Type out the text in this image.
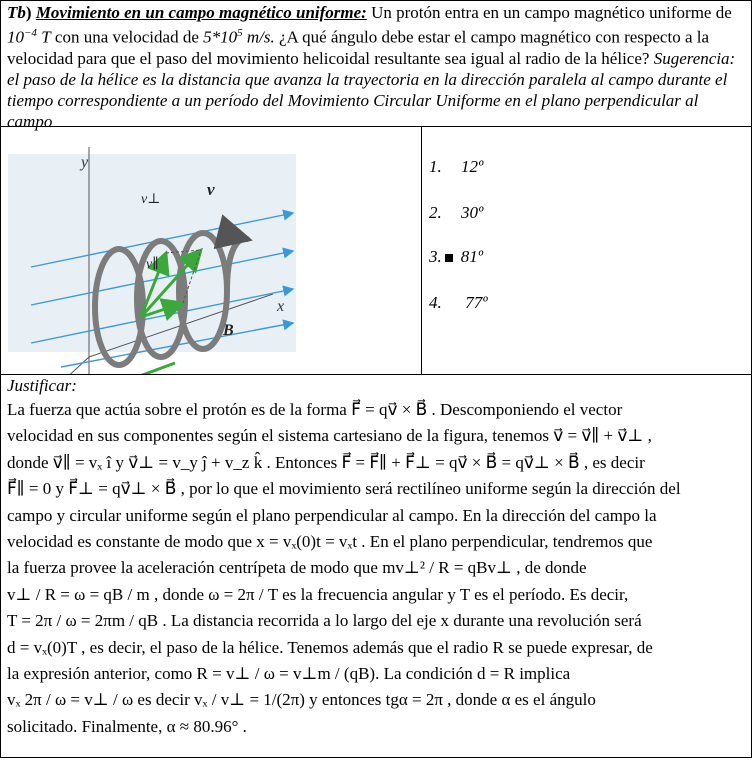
Tb) Movimiento en un campo magnético uniforme: Un protón entra en un campo magnético uniforme de $10^{-4}$ T con una velocidad de $5*10^5$ m/s. ¿A qué ángulo debe estar el campo magnético con respecto a la velocidad para que el paso del movimiento helicoidal resultante sea igual al radio de la hélice? Sugerencia: el paso de la hélice es la distancia que avanza la trayectoria en la dirección paralela al campo durante el tiempo correspondiente a un período del Movimiento Circular Uniforme en el plano perpendicular al campo
y
x
B
v
v⊥
v∥
1. 12º
2. 30º
3. 81º
4. 77º
Justificar:

La fuerza que actúa sobre el protón es de la forma F⃗ = qv⃗ × B⃗ . Descomponiendo el vector

velocidad en sus componentes según el sistema cartesiano de la figura, tenemos v⃗ = v⃗∥ + v⃗⊥ ,

donde v⃗∥ = vₓ î y v⃗⊥ = v_y ĵ + v_z k̂ . Entonces F⃗ = F⃗∥ + F⃗⊥ = qv⃗ × B⃗ = qv⃗⊥ × B⃗ , es decir

F⃗∥ = 0 y F⃗⊥ = qv⃗⊥ × B⃗ , por lo que el movimiento será rectilíneo uniforme según la dirección del

campo y circular uniforme según el plano perpendicular al campo. En la dirección del campo la

velocidad es constante de modo que x = vₓ(0)t = vₓt . En el plano perpendicular, tendremos que

la fuerza provee la aceleración centrípeta de modo que mv⊥² / R = qBv⊥ , de donde

v⊥ / R = ω = qB / m , donde ω = 2π / T es la frecuencia angular y T es el período. Es decir,

T = 2π / ω = 2πm / qB . La distancia recorrida a lo largo del eje x durante una revolución será

d = vₓ(0)T , es decir, el paso de la hélice. Tenemos además que el radio R se puede expresar, de

la expresión anterior, como R = v⊥ / ω = v⊥m / (qB). La condición d = R implica

vₓ 2π / ω = v⊥ / ω es decir vₓ / v⊥ = 1/(2π) y entonces tgα = 2π , donde α es el ángulo

solicitado. Finalmente, α ≈ 80.96° .
